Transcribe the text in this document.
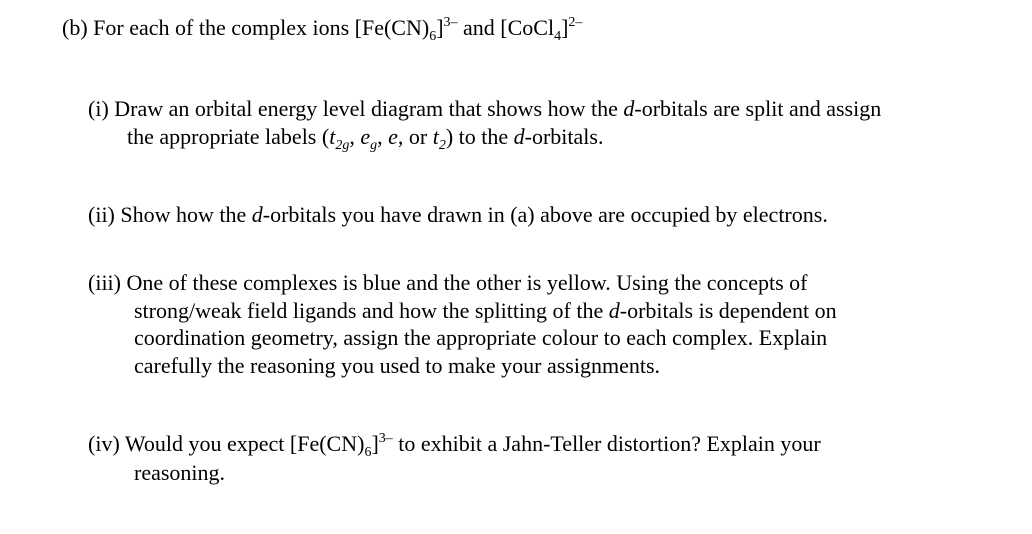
(b) For each of the complex ions $[Fe(CN)_6]^{3-}$ and [CoCl$_4$]$^{2-}$
(i) Draw an orbital energy level diagram that shows how the d-orbitals are split and assign
the appropriate labels ($t_{2g}$, $e_g$, e, or $t_2$) to the d-orbitals.
(ii) Show how the d-orbitals you have drawn in (a) above are occupied by electrons.
(iii) One of these complexes is blue and the other is yellow. Using the concepts of
strong/weak field ligands and how the splitting of the d-orbitals is dependent on
coordination geometry, assign the appropriate colour to each complex. Explain
carefully the reasoning you used to make your assignments.
(iv) Would you expect $[Fe(CN)_6]^{3-}$ to exhibit a Jahn-Teller distortion? Explain your
reasoning.
